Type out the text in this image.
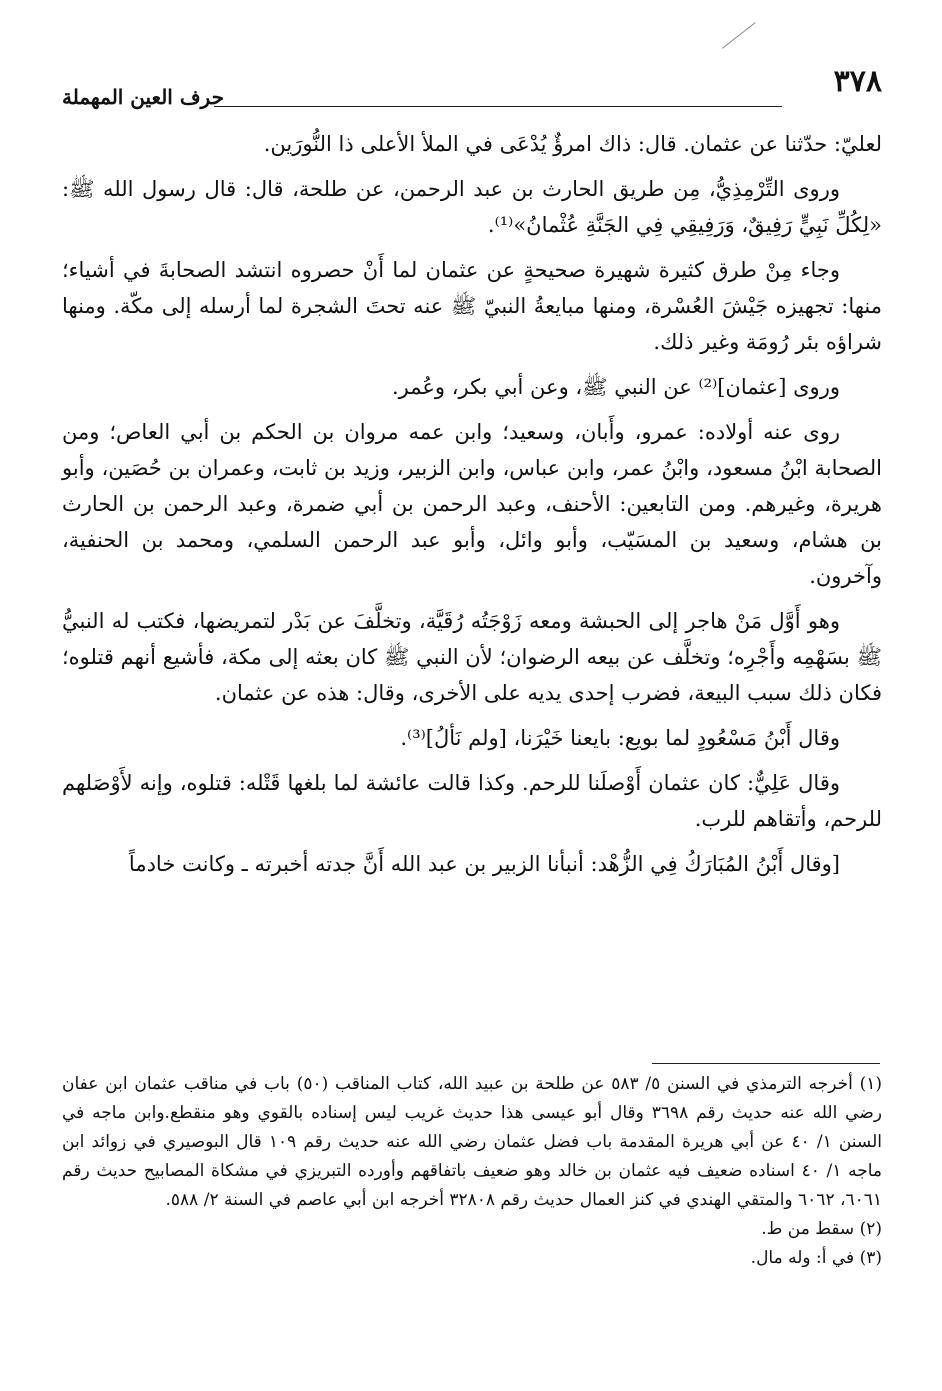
٣٧٨
حرف العين المهملة

لعليّ: حدّثنا عن عثمان. قال: ذاك امرؤٌ يُدْعَى في الملأ الأعلى ذا النُّورَين.

وروى التِّرْمِذِيُّ، مِن طريق الحارث بن عبد الرحمن، عن طلحة، قال: قال رسول الله ﷺ: «لِكُلِّ نَبِيٍّ رَفِيقٌ، وَرَفِيقِي فِي الجَنَّةِ عُثْمانُ»⁽¹⁾.

وجاء مِنْ طرق كثيرة شهيرة صحيحةٍ عن عثمان لما أَنْ حصروه انتشد الصحابةَ في أشياء؛ منها: تجهيزه جَيْشَ العُسْرة، ومنها مبايعةُ النبيّ ﷺ عنه تحتَ الشجرة لما أرسله إلى مكّة. ومنها شراؤه بئر رُومَة وغير ذلك.

وروى [عثمان]⁽²⁾ عن النبي ﷺ، وعن أبي بكر، وعُمر.

روى عنه أولاده: عمرو، وأَبان، وسعيد؛ وابن عمه مروان بن الحكم بن أبي العاص؛ ومن الصحابة ابْنُ مسعود، وابْنُ عمر، وابن عباس، وابن الزبير، وزيد بن ثابت، وعمران بن حُصَين، وأبو هريرة، وغيرهم. ومن التابعين: الأحنف، وعبد الرحمن بن أبي ضمرة، وعبد الرحمن بن الحارث بن هشام، وسعيد بن المسَيّب، وأبو وائل، وأبو عبد الرحمن السلمي، ومحمد بن الحنفية، وآخرون.

وهو أَوَّل مَنْ هاجر إلى الحبشة ومعه زَوْجَتُه رُقَيَّة، وتخلَّفَ عن بَدْر لتمريضها، فكتب له النبيُّ ﷺ بسَهْمِه وأَجْرِه؛ وتخلَّف عن بيعه الرضوان؛ لأن النبي ﷺ كان بعثه إلى مكة، فأشيع أنهم قتلوه؛ فكان ذلك سبب البيعة، فضرب إحدى يديه على الأخرى، وقال: هذه عن عثمان.

وقال أَبْنُ مَسْعُودٍ لما بويع: بايعنا خَيْرَنا، [ولم نَألُ]⁽³⁾.

وقال عَلِيٌّ: كان عثمان أَوْصلَنا للرحم. وكذا قالت عائشة لما بلغها قَتْله: قتلوه، وإنه لأَوْصَلهم للرحم، وأتقاهم للرب.

[وقال أَبْنُ المُبَارَكُ فِي الزُّهْد: أنبأنا الزبير بن عبد الله أَنَّ جدته أخبرته ـ وكانت خادماً

(١) أخرجه الترمذي في السنن ٥/ ٥٨٣ عن طلحة بن عبيد الله، كتاب المناقب (٥٠) باب في مناقب عثمان ابن عفان رضي الله عنه حديث رقم ٣٦٩٨ وقال أبو عيسى هذا حديث غريب ليس إسناده بالقوي وهو منقطع.وابن ماجه في السنن ١/ ٤٠ عن أبي هريرة المقدمة باب فضل عثمان رضي الله عنه حديث رقم ١٠٩ قال البوصيري في زوائد ابن ماجه ١/ ٤٠ اسناده ضعيف فيه عثمان بن خالد وهو ضعيف باتفاقهم وأورده التبريزي في مشكاة المصابيح حديث رقم ٦٠٦١، ٦٠٦٢ والمتقي الهندي في كنز العمال حديث رقم ٣٢٨٠٨ أخرجه ابن أبي عاصم في السنة ٢/ ٥٨٨.

(٢) سقط من ط.

(٣) في أ: وله مال.
